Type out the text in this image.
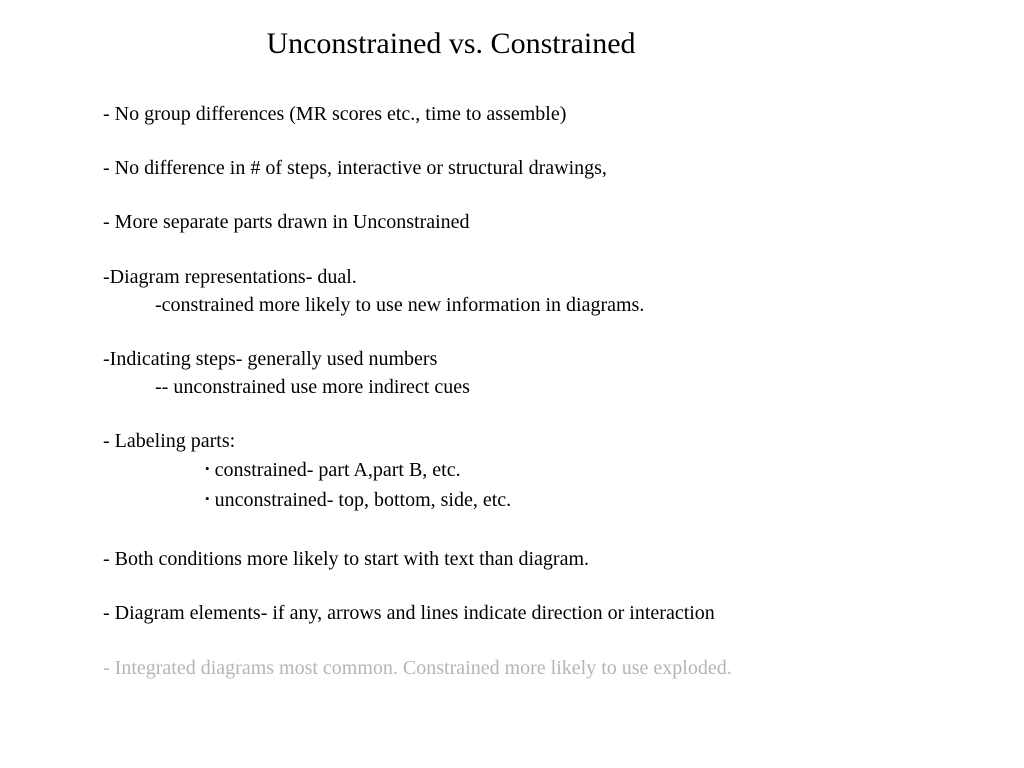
Unconstrained vs. Constrained
- No group differences (MR scores etc., time to assemble)
- No difference in # of steps, interactive or structural drawings,
- More separate parts drawn in Unconstrained
-Diagram representations- dual.
-constrained more likely to use new information in diagrams.
-Indicating steps- generally used numbers
-- unconstrained use more indirect cues
- Labeling parts:
• constrained- part A,part B, etc.
• unconstrained- top, bottom, side, etc.
- Both conditions more likely to start with text than diagram.
- Diagram elements- if any, arrows and lines indicate direction or interaction
- Integrated diagrams most common. Constrained more likely to use exploded.
